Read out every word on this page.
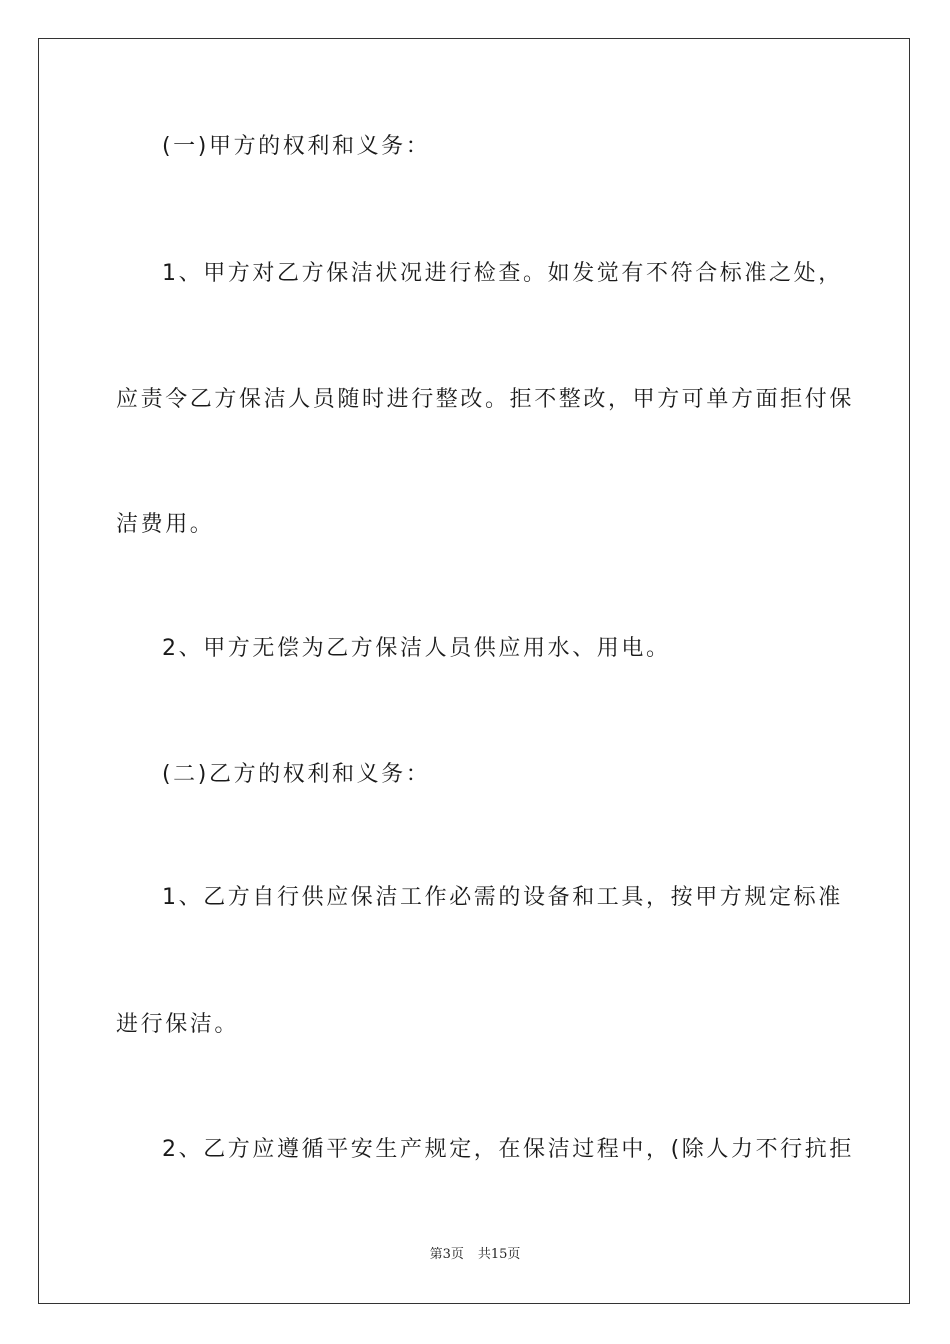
(一)甲方的权利和义务：
1、甲方对乙方保洁状况进行检查。如发觉有不符合标准之处，
应责令乙方保洁人员随时进行整改。拒不整改，甲方可单方面拒付保
洁费用。
2、甲方无偿为乙方保洁人员供应用水、用电。
(二)乙方的权利和义务：
1、乙方自行供应保洁工作必需的设备和工具，按甲方规定标准
进行保洁。
2、乙方应遵循平安生产规定，在保洁过程中，(除人力不行抗拒
第3页 共15页
